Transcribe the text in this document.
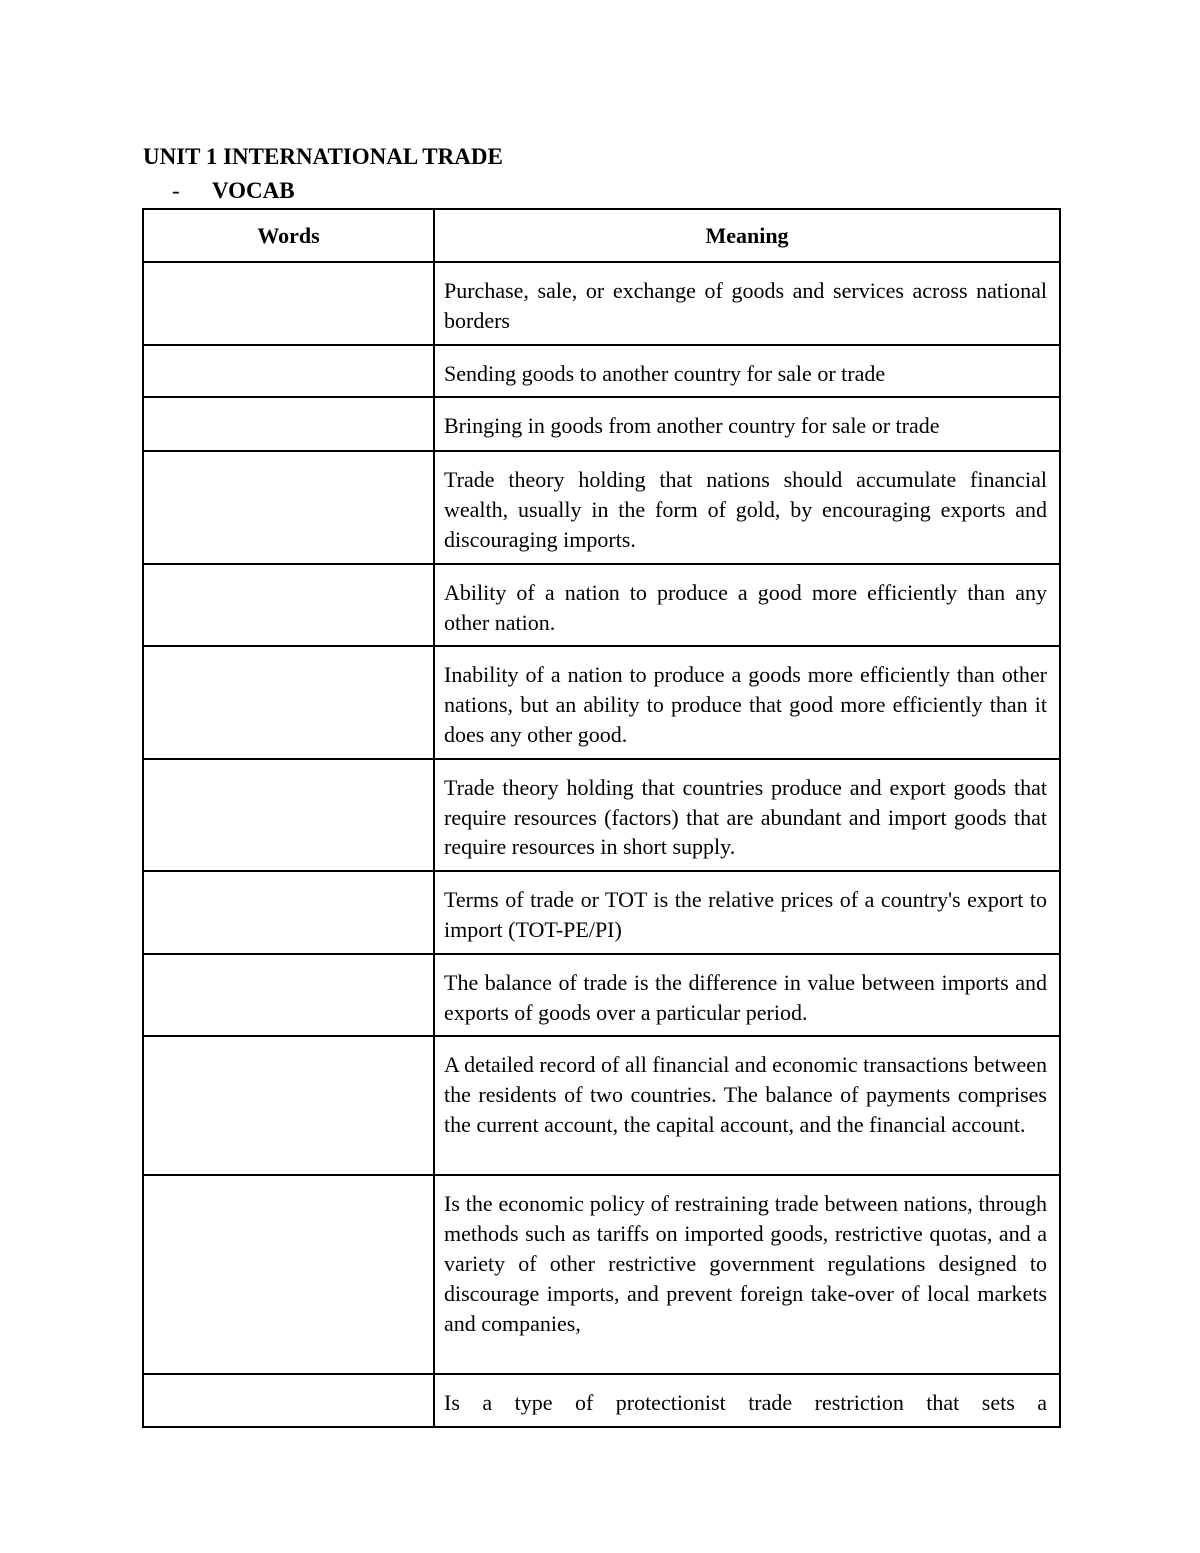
UNIT 1 INTERNATIONAL TRADE
- VOCAB
Words	Meaning
	Purchase, sale, or exchange of goods and services across national borders
	Sending goods to another country for sale or trade
	Bringing in goods from another country for sale or trade
	Trade theory holding that nations should accumulate financial wealth, usually in the form of gold, by encouraging exports and discouraging imports.
	Ability of a nation to produce a good more efficiently than any other nation.
	Inability of a nation to produce a goods more efficiently than other nations, but an ability to produce that good more efficiently than it does any other good.
	Trade theory holding that countries produce and export goods that require resources (factors) that are abundant and import goods that require resources in short supply.
	Terms of trade or TOT is the relative prices of a country's export to import (TOT-PE/PI)
	The balance of trade is the difference in value between imports and exports of goods over a particular period.
	A detailed record of all financial and economic transactions between the residents of two countries. The balance of payments comprises the current account, the capital account, and the financial account.
	Is the economic policy of restraining trade between nations, through methods such as tariffs on imported goods, restrictive quotas, and a variety of other restrictive government regulations designed to discourage imports, and prevent foreign take-over of local markets and companies,
	Is a type of protectionist trade restriction that sets a
